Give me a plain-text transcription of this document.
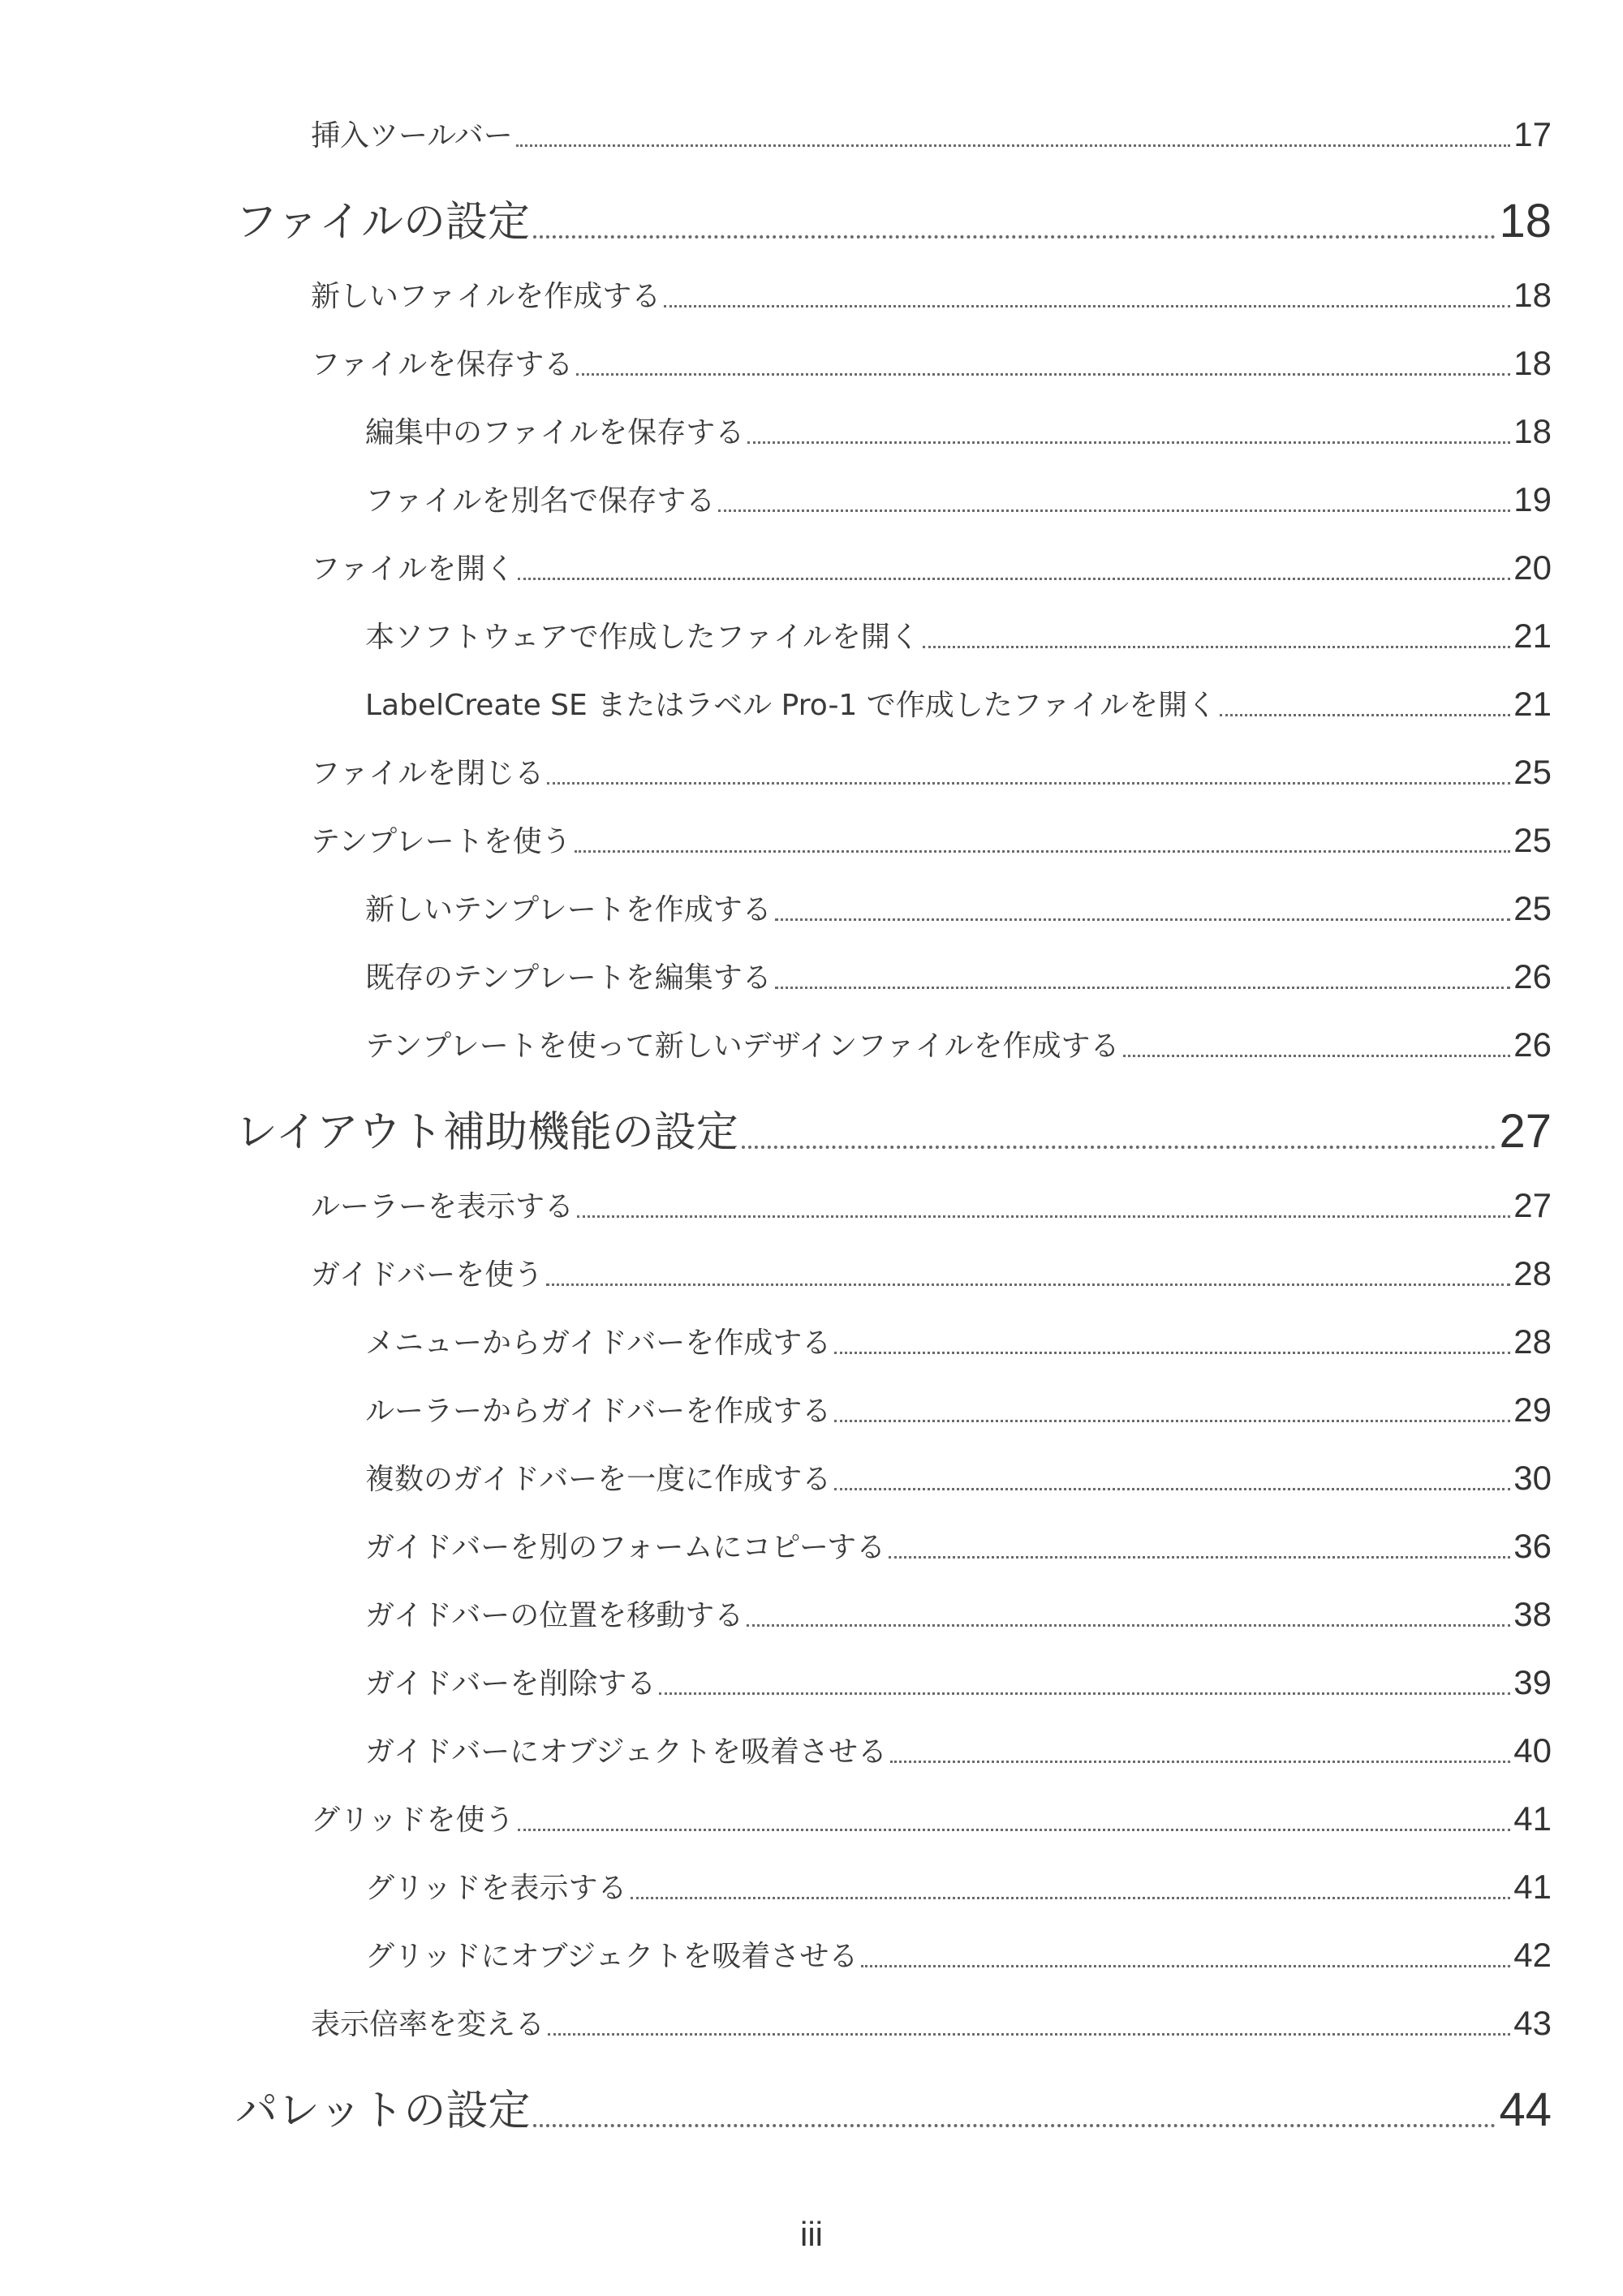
挿入ツールバー	17
ファイルの設定	18
新しいファイルを作成する	18
ファイルを保存する	18
編集中のファイルを保存する	18
ファイルを別名で保存する	19
ファイルを開く	20
本ソフトウェアで作成したファイルを開く	21
LabelCreate SE またはラベル Pro-1 で作成したファイルを開く	21
ファイルを閉じる	25
テンプレートを使う	25
新しいテンプレートを作成する	25
既存のテンプレートを編集する	26
テンプレートを使って新しいデザインファイルを作成する	26
レイアウト補助機能の設定	27
ルーラーを表示する	27
ガイドバーを使う	28
メニューからガイドバーを作成する	28
ルーラーからガイドバーを作成する	29
複数のガイドバーを一度に作成する	30
ガイドバーを別のフォームにコピーする	36
ガイドバーの位置を移動する	38
ガイドバーを削除する	39
ガイドバーにオブジェクトを吸着させる	40
グリッドを使う	41
グリッドを表示する	41
グリッドにオブジェクトを吸着させる	42
表示倍率を変える	43
パレットの設定	44
iii
